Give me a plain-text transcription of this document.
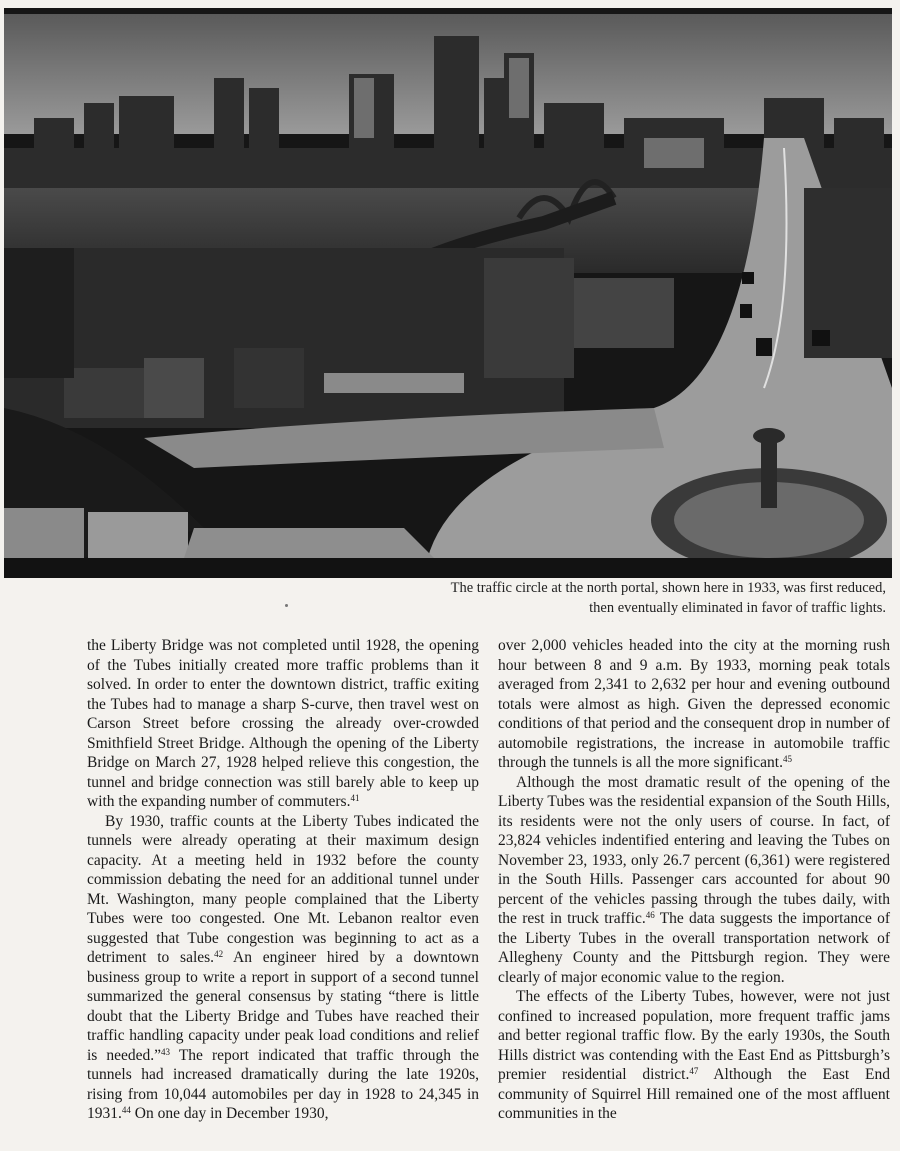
The traffic circle at the north portal, shown here in 1933, was first reduced,
then eventually eliminated in favor of traffic lights.

the Liberty Bridge was not completed until 1928, the opening of the Tubes initially created more traffic problems than it solved. In order to enter the downtown district, traffic exiting the Tubes had to manage a sharp S-curve, then travel west on Carson Street before crossing the already over-crowded Smithfield Street Bridge. Although the opening of the Liberty Bridge on March 27, 1928 helped relieve this congestion, the tunnel and bridge connection was still barely able to keep up with the expanding number of commuters.$^{41}$

By 1930, traffic counts at the Liberty Tubes indicated the tunnels were already operating at their maximum design capacity. At a meeting held in 1932 before the county commission debating the need for an additional tunnel under Mt. Washington, many people complained that the Liberty Tubes were too congested. One Mt. Lebanon realtor even suggested that Tube congestion was beginning to act as a detriment to sales.$^{42}$ An engineer hired by a downtown business group to write a report in support of a second tunnel summarized the general consensus by stating “there is little doubt that the Liberty Bridge and Tubes have reached their traffic handling capacity under peak load conditions and relief is needed.”$^{43}$ The report indicated that traffic through the tunnels had increased dramatically during the late 1920s, rising from 10,044 automobiles per day in 1928 to 24,345 in 1931.44 On one day in December 1930,

over 2,000 vehicles headed into the city at the morning rush hour between 8 and 9 a.m. By 1933, morning peak totals averaged from 2,341 to 2,632 per hour and evening outbound totals were almost as high. Given the depressed economic conditions of that period and the consequent drop in number of automobile registrations, the increase in automobile traffic through the tunnels is all the more significant.$^{45}$

Although the most dramatic result of the opening of the Liberty Tubes was the residential expansion of the South Hills, its residents were not the only users of course. In fact, of 23,824 vehicles indentified entering and leaving the Tubes on November 23, 1933, only 26.7 percent (6,361) were registered in the South Hills. Passenger cars accounted for about 90 percent of the vehicles passing through the tubes daily, with the rest in truck traffic.$^{46}$ The data suggests the importance of the Liberty Tubes in the overall transportation network of Allegheny County and the Pittsburgh region. They were clearly of major economic value to the region.

The effects of the Liberty Tubes, however, were not just confined to increased population, more frequent traffic jams and better regional traffic flow. By the early 1930s, the South Hills district was contending with the East End as Pittsburgh’s premier residential district.$^{47}$ Although the East End community of Squirrel Hill remained one of the most affluent communities in the
